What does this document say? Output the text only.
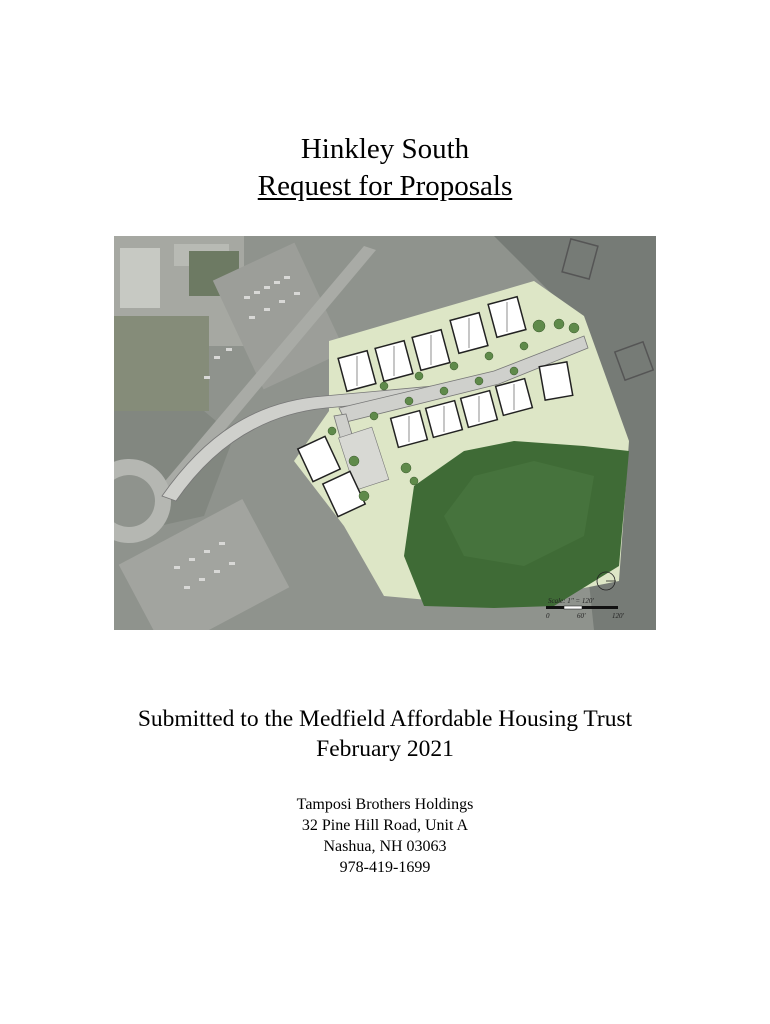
Hinkley South
Request for Proposals
Scale: 1" = 120'
0	60'	120'

Submitted to the Medfield Affordable Housing Trust

February 2021

Tamposi Brothers Holdings

32 Pine Hill Road, Unit A

Nashua, NH 03063

978-419-1699
